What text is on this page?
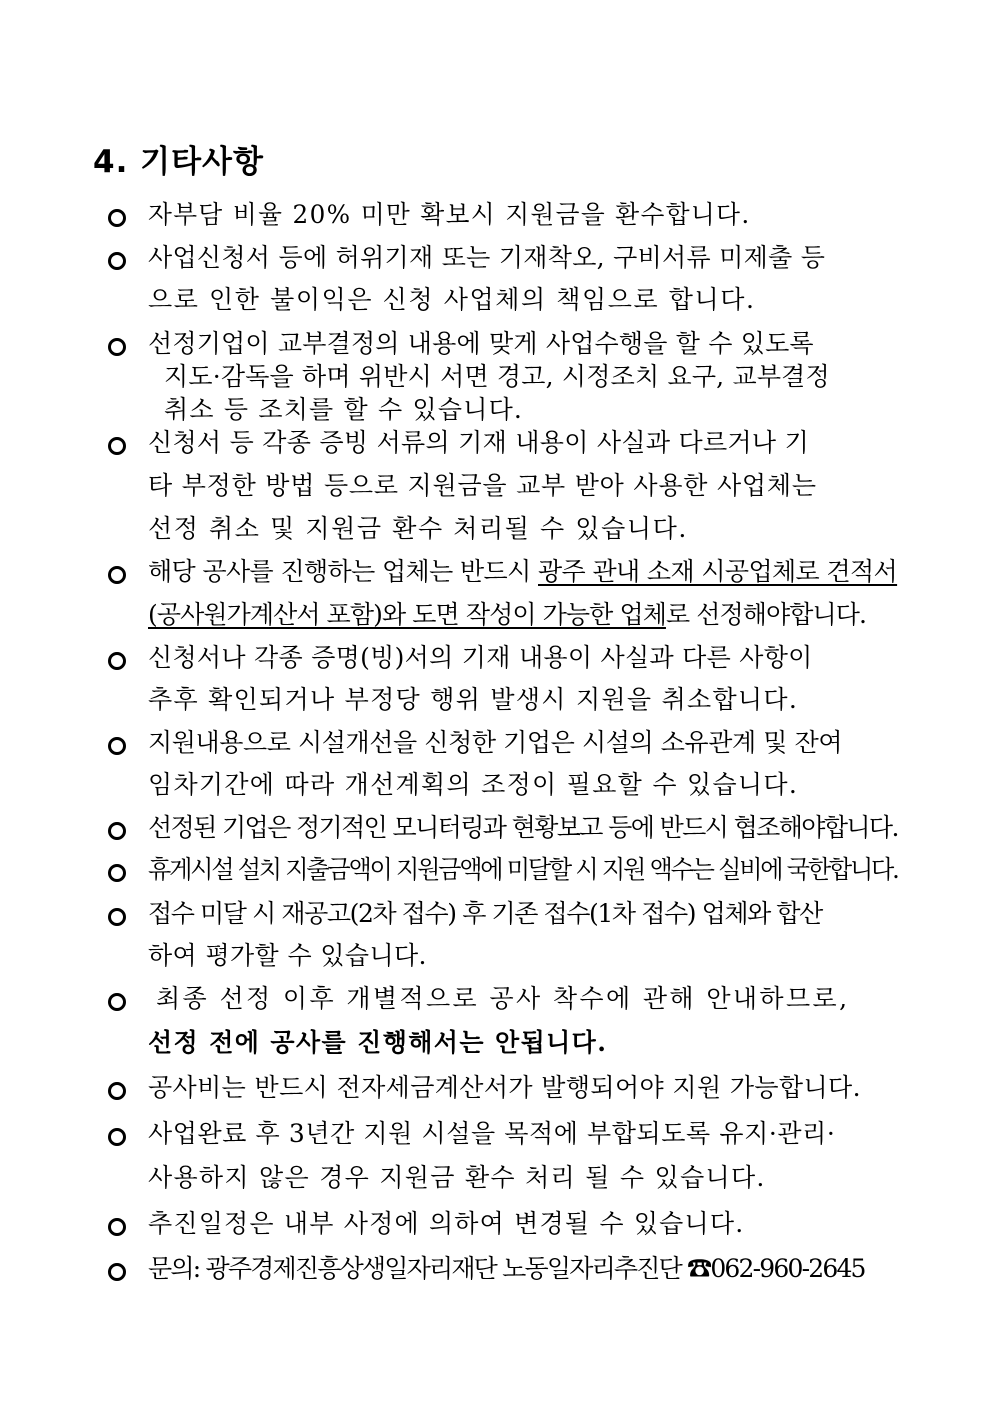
4. 기타사항
자부담 비율 20% 미만 확보시 지원금을 환수합니다.
사업신청서 등에 허위기재 또는 기재착오, 구비서류 미제출 등
으로 인한 불이익은 신청 사업체의 책임으로 합니다.
선정기업이 교부결정의 내용에 맞게 사업수행을 할 수 있도록
지도·감독을 하며 위반시 서면 경고, 시정조치 요구, 교부결정
취소 등 조치를 할 수 있습니다.
신청서 등 각종 증빙 서류의 기재 내용이 사실과 다르거나 기
타 부정한 방법 등으로 지원금을 교부 받아 사용한 사업체는
선정 취소 및 지원금 환수 처리될 수 있습니다.
해당 공사를 진행하는 업체는 반드시 광주 관내 소재 시공업체로 견적서
(공사원가계산서 포함)와 도면 작성이 가능한 업체로 선정해야합니다.
신청서나 각종 증명(빙)서의 기재 내용이 사실과 다른 사항이
추후 확인되거나 부정당 행위 발생시 지원을 취소합니다.
지원내용으로 시설개선을 신청한 기업은 시설의 소유관계 및 잔여
임차기간에 따라 개선계획의 조정이 필요할 수 있습니다.
선정된 기업은 정기적인 모니터링과 현황보고 등에 반드시 협조해야합니다.
휴게시설 설치 지출금액이 지원금액에 미달할 시 지원 액수는 실비에 국한합니다.
접수 미달 시 재공고(2차 접수) 후 기존 접수(1차 접수) 업체와 합산
하여 평가할 수 있습니다.
최종 선정 이후 개별적으로 공사 착수에 관해 안내하므로,
선정 전에 공사를 진행해서는 안됩니다.
공사비는 반드시 전자세금계산서가 발행되어야 지원 가능합니다.
사업완료 후 3년간 지원 시설을 목적에 부합되도록 유지·관리·
사용하지 않은 경우 지원금 환수 처리 될 수 있습니다.
추진일정은 내부 사정에 의하여 변경될 수 있습니다.
문의: 광주경제진흥상생일자리재단 노동일자리추진단 ☎062-960-2645
